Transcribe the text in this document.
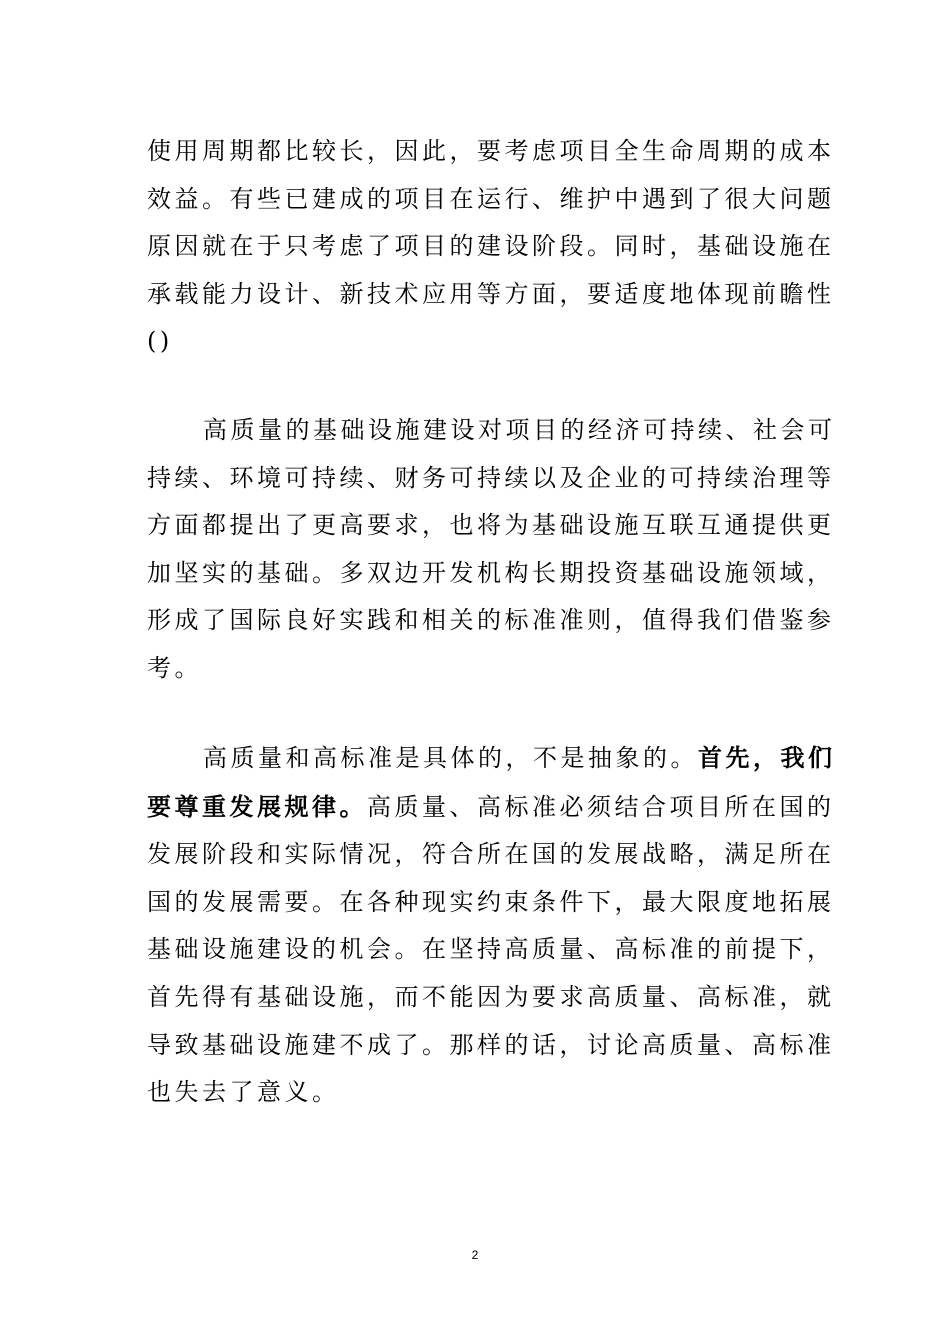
使用周期都比较长，因此，要考虑项目全生命周期的成本
效益。有些已建成的项目在运行、维护中遇到了很大问题
原因就在于只考虑了项目的建设阶段。同时，基础设施在
承载能力设计、新技术应用等方面，要适度地体现前瞻性
()

高质量的基础设施建设对项目的经济可持续、社会可
持续、环境可持续、财务可持续以及企业的可持续治理等
方面都提出了更高要求，也将为基础设施互联互通提供更
加坚实的基础。多双边开发机构长期投资基础设施领域，
形成了国际良好实践和相关的标准准则，值得我们借鉴参
考。

高质量和高标准是具体的，不是抽象的。首先，我们
要尊重发展规律。高质量、高标准必须结合项目所在国的
发展阶段和实际情况，符合所在国的发展战略，满足所在
国的发展需要。在各种现实约束条件下，最大限度地拓展
基础设施建设的机会。在坚持高质量、高标准的前提下，
首先得有基础设施，而不能因为要求高质量、高标准，就
导致基础设施建不成了。那样的话，讨论高质量、高标准
也失去了意义。

2
